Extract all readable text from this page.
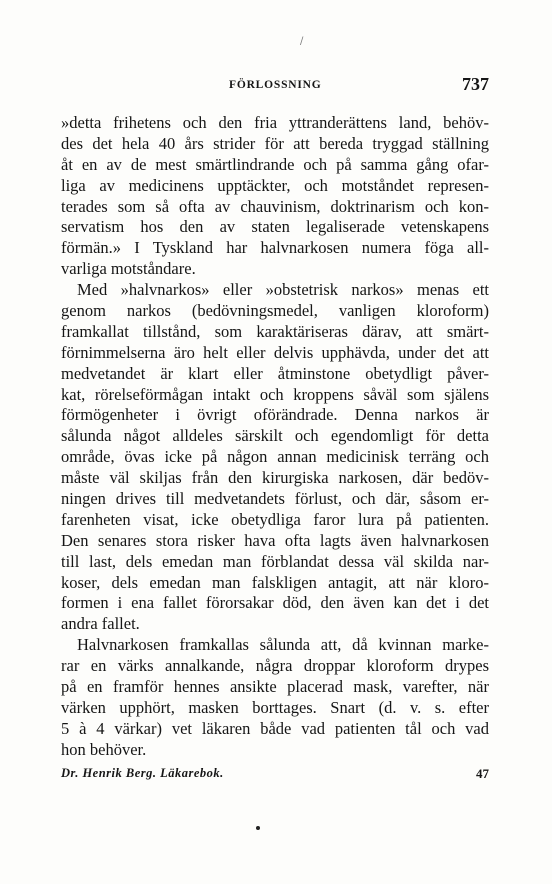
/
FÖRLOSSNING	737
»detta frihetens och den fria yttranderättens land, behöv-
des det hela 40 års strider för att bereda tryggad ställning
åt en av de mest smärtlindrande och på samma gång ofar-
liga av medicinens upptäckter, och motståndet represen-
terades som så ofta av chauvinism, doktrinarism och kon-
servatism hos den av staten legaliserade vetenskapens
förmän.» I Tyskland har halvnarkosen numera föga all-
varliga motståndare.
Med »halvnarkos» eller »obstetrisk narkos» menas ett
genom narkos (bedövningsmedel, vanligen kloroform)
framkallat tillstånd, som karaktäriseras därav, att smärt-
förnimmelserna äro helt eller delvis upphävda, under det att
medvetandet är klart eller åtminstone obetydligt påver-
kat, rörelseförmågan intakt och kroppens såväl som själens
förmögenheter i övrigt oförändrade. Denna narkos är
sålunda något alldeles särskilt och egendomligt för detta
område, övas icke på någon annan medicinisk terräng och
måste väl skiljas från den kirurgiska narkosen, där bedöv-
ningen drives till medvetandets förlust, och där, såsom er-
farenheten visat, icke obetydliga faror lura på patienten.
Den senares stora risker hava ofta lagts även halvnarkosen
till last, dels emedan man förblandat dessa väl skilda nar-
koser, dels emedan man falskligen antagit, att när kloro-
formen i ena fallet förorsakar död, den även kan det i det
andra fallet.
Halvnarkosen framkallas sålunda att, då kvinnan marke-
rar en värks annalkande, några droppar kloroform drypes
på en framför hennes ansikte placerad mask, varefter, när
värken upphört, masken borttages. Snart (d. v. s. efter
5 à 4 värkar) vet läkaren både vad patienten tål och vad
hon behöver.
Dr. Henrik Berg. Läkarebok.	47
